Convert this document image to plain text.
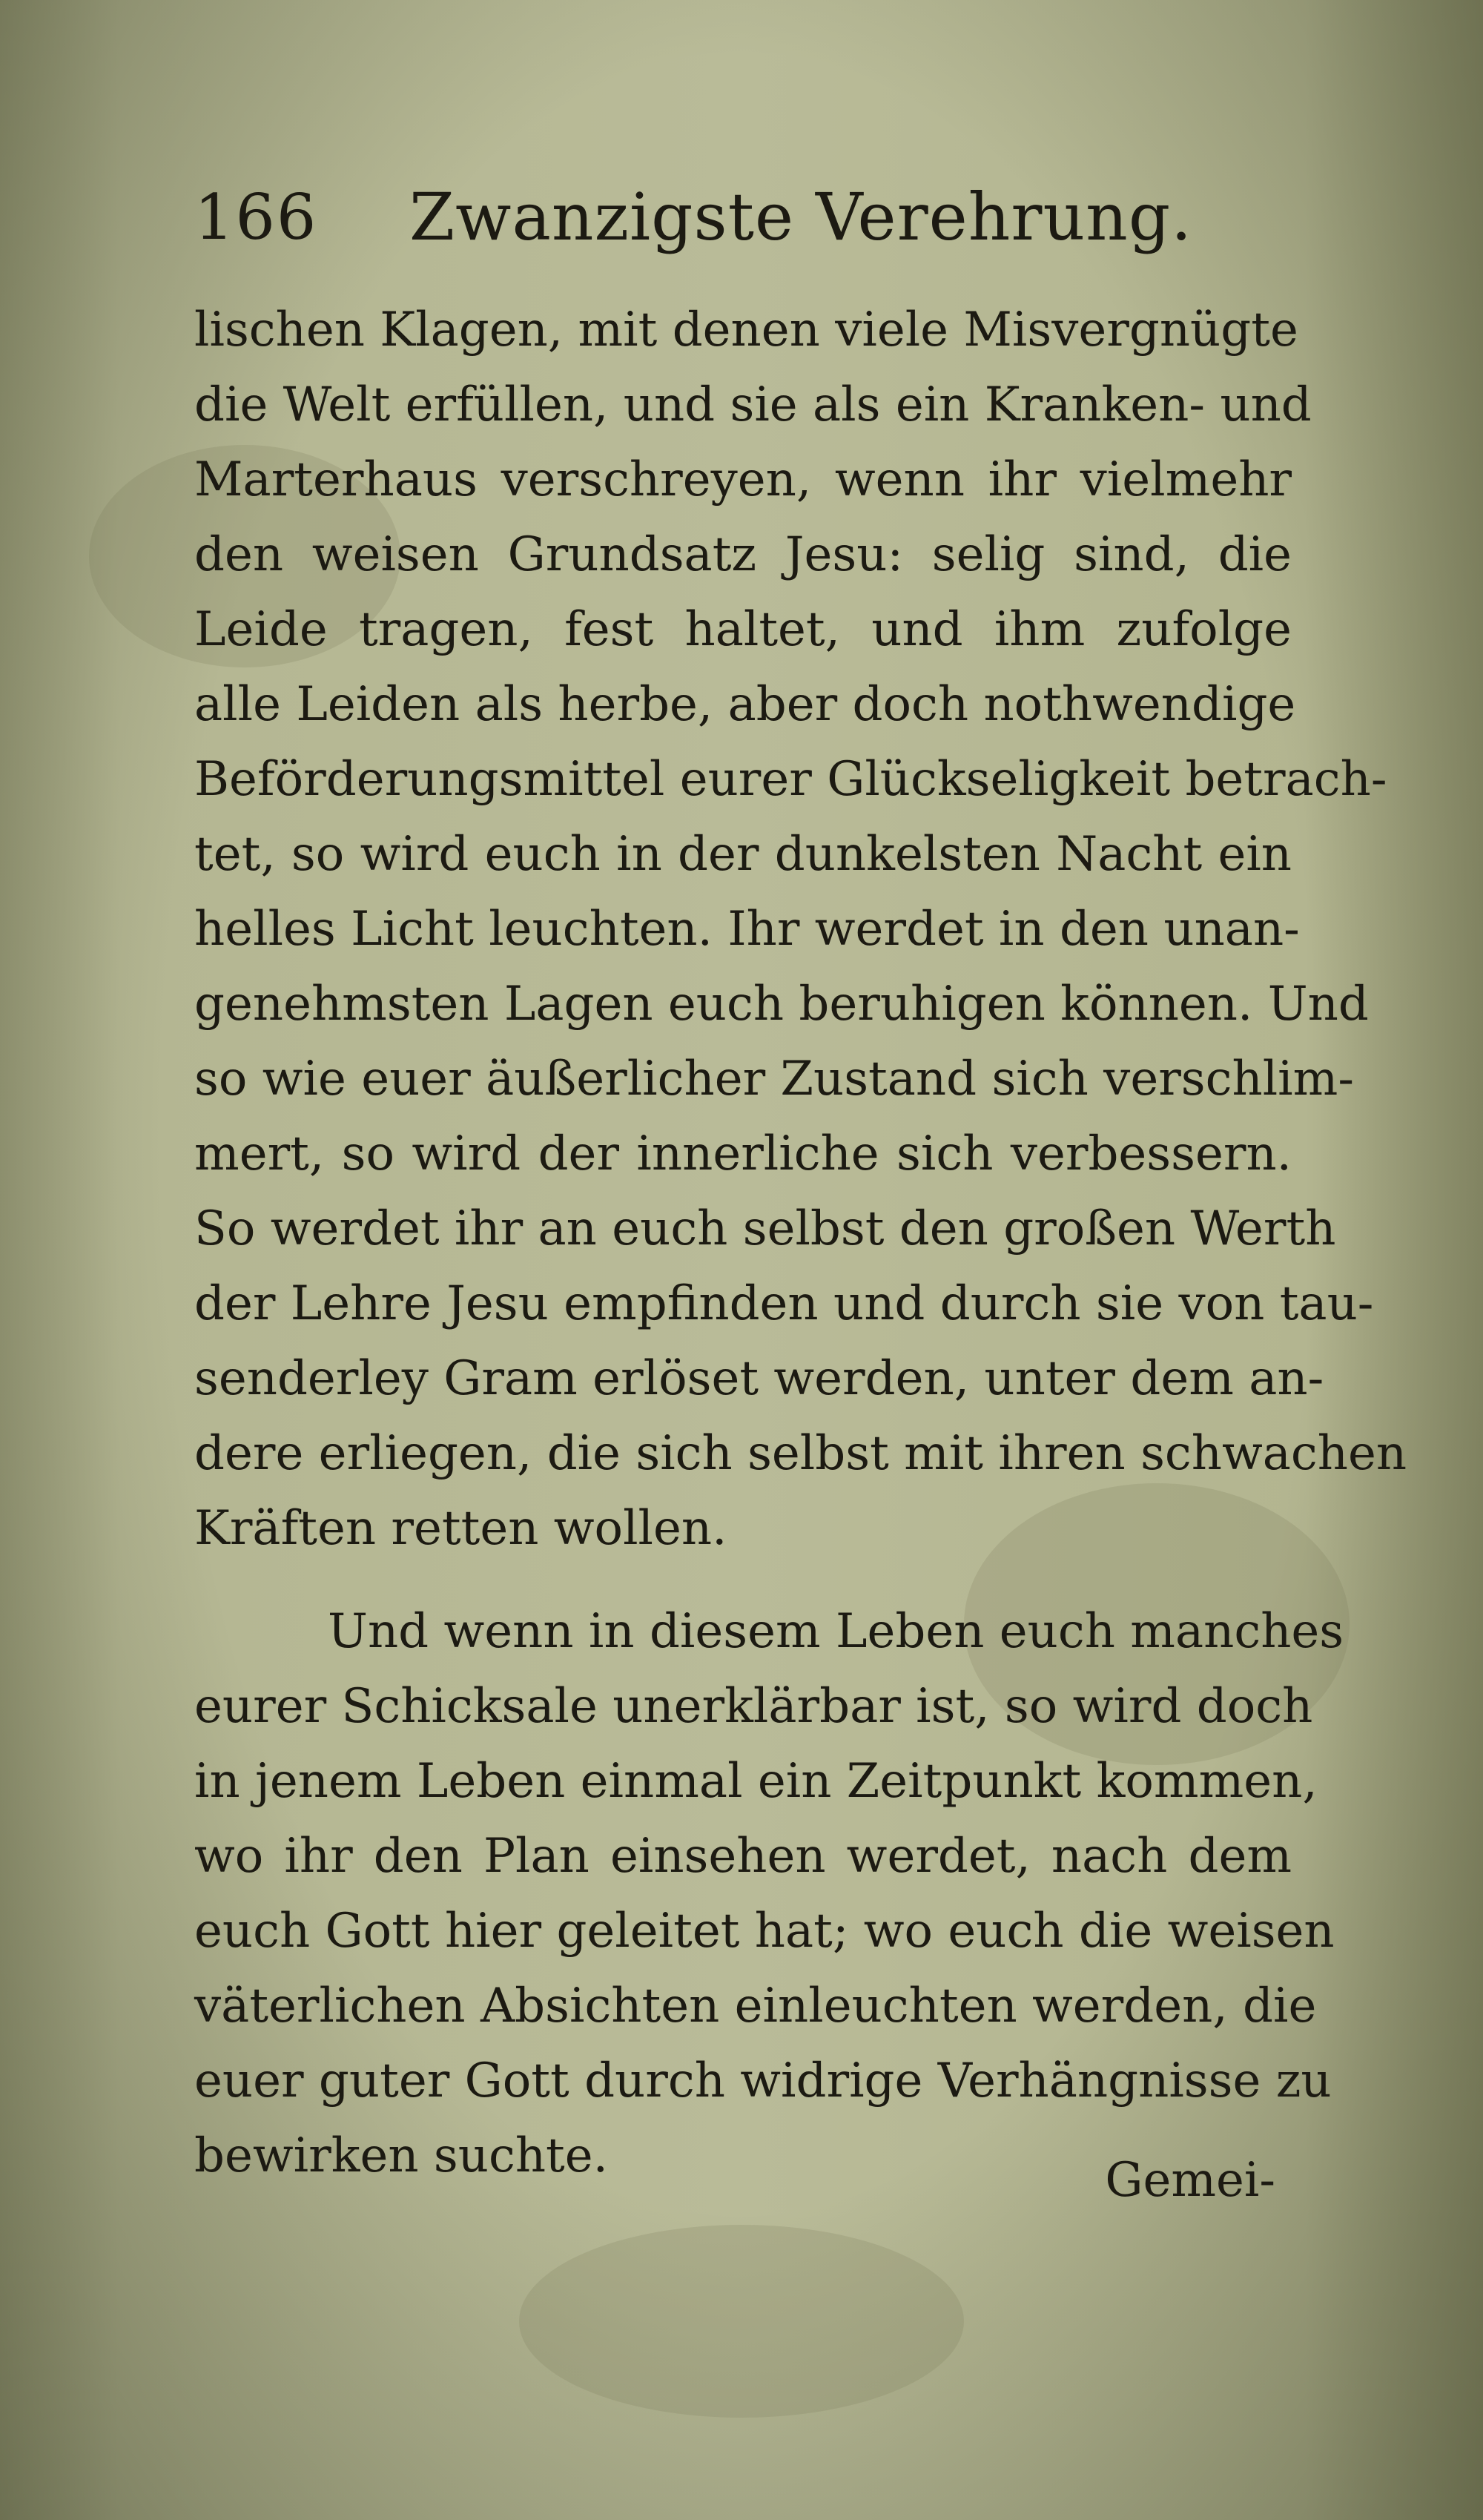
166 Zwanzigste Verehrung.
lischen Klagen, mit denen viele Misvergnügte
die Welt erfüllen, und sie als ein Kranken- und
Marterhaus verschreyen, wenn ihr vielmehr
den weisen Grundsatz Jesu: selig sind, die
Leide tragen, fest haltet, und ihm zufolge
alle Leiden als herbe, aber doch nothwendige
Beförderungsmittel eurer Glückseligkeit betrach-
tet, so wird euch in der dunkelsten Nacht ein
helles Licht leuchten. Ihr werdet in den unan-
genehmsten Lagen euch beruhigen können. Und
so wie euer äußerlicher Zustand sich verschlim-
mert, so wird der innerliche sich verbessern.
So werdet ihr an euch selbst den großen Werth
der Lehre Jesu empfinden und durch sie von tau-
senderley Gram erlöset werden, unter dem an-
dere erliegen, die sich selbst mit ihren schwachen
Kräften retten wollen.
Und wenn in diesem Leben euch manches
eurer Schicksale unerklärbar ist, so wird doch
in jenem Leben einmal ein Zeitpunkt kommen,
wo ihr den Plan einsehen werdet, nach dem
euch Gott hier geleitet hat; wo euch die weisen
väterlichen Absichten einleuchten werden, die
euer guter Gott durch widrige Verhängnisse zu
bewirken suchte.	Gemei-
